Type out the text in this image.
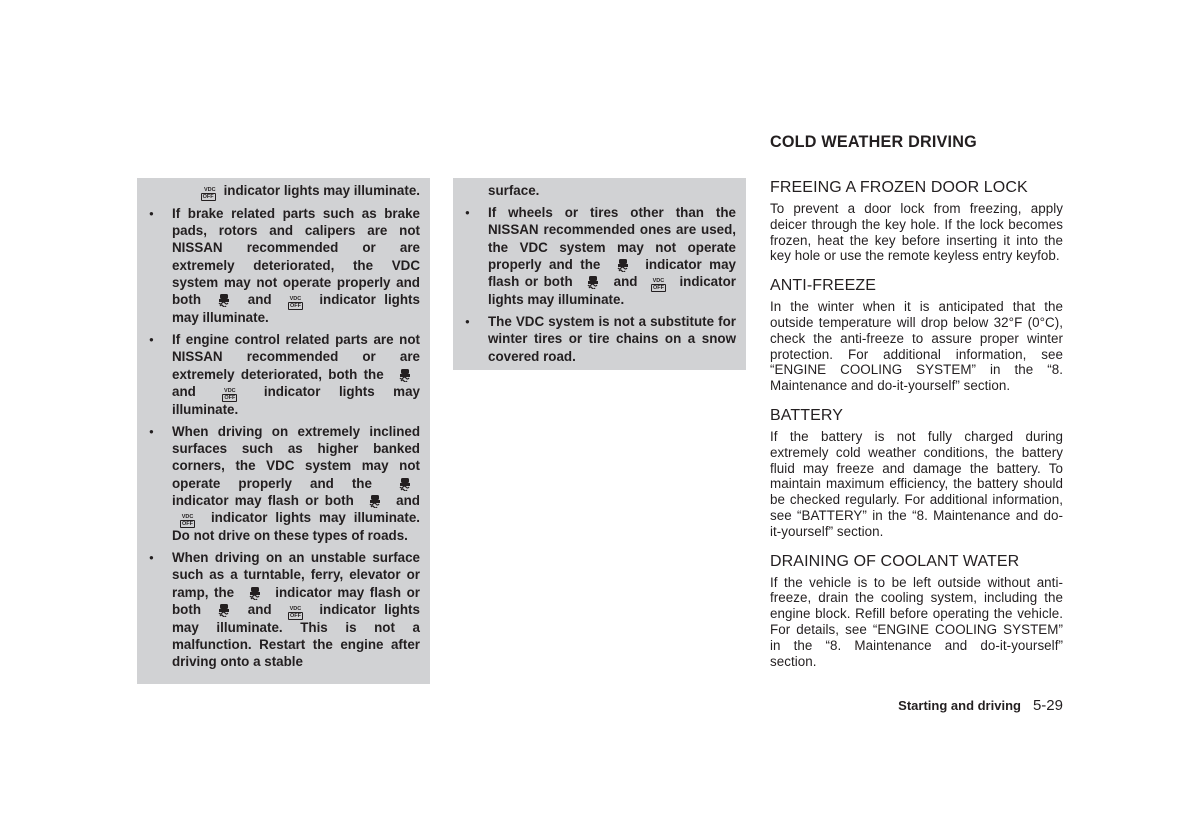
VDC
OFF indicator lights may illuminate.
● If brake related parts such as brake pads, rotors and calipers are not NISSAN recommended or are extremely deteriorated, the VDC system may not operate properly and both	and	VDC
OFF indicator lights may illuminate.
● If engine control related parts are not NISSAN recommended or are extremely deteriorated, both the  and	VDC
OFF indicator lights may illuminate.
● When driving on extremely inclined surfaces such as higher banked corners, the VDC system may not operate properly and the  indicator may flash or both	and
VDC
OFF indicator lights may illuminate. Do not drive on these types of roads.
● When driving on an unstable surface such as a turntable, ferry, elevator or ramp, the	indicator may flash or both	and	VDC
OFF indicator lights may illuminate. This is not a malfunction. Restart the engine after driving onto a stable
surface.
● If wheels or tires other than the NISSAN recommended ones are used, the VDC system may not operate properly and the	indicator may flash or both	and	VDC
OFF indicator lights may illuminate.
● The VDC system is not a substitute for winter tires or tire chains on a snow covered road.
COLD WEATHER DRIVING
FREEING A FROZEN DOOR LOCK

To prevent a door lock from freezing, apply deicer through the key hole. If the lock becomes frozen, heat the key before inserting it into the key hole or use the remote keyless entry keyfob.

ANTI-FREEZE

In the winter when it is anticipated that the outside temperature will drop below 32°F (0°C), check the anti-freeze to assure proper winter protection. For additional information, see “ENGINE COOLING SYSTEM” in the “8. Maintenance and do-it-yourself” section.

BATTERY

If the battery is not fully charged during extremely cold weather conditions, the battery fluid may freeze and damage the battery. To maintain maximum efficiency, the battery should be checked regularly. For additional information, see “BATTERY” in the “8. Maintenance and do-it-yourself” section.

DRAINING OF COOLANT WATER

If the vehicle is to be left outside without anti-freeze, drain the cooling system, including the engine block. Refill before operating the vehicle. For details, see “ENGINE COOLING SYSTEM” in the “8. Maintenance and do-it-yourself” section.

Starting and driving 5-29
